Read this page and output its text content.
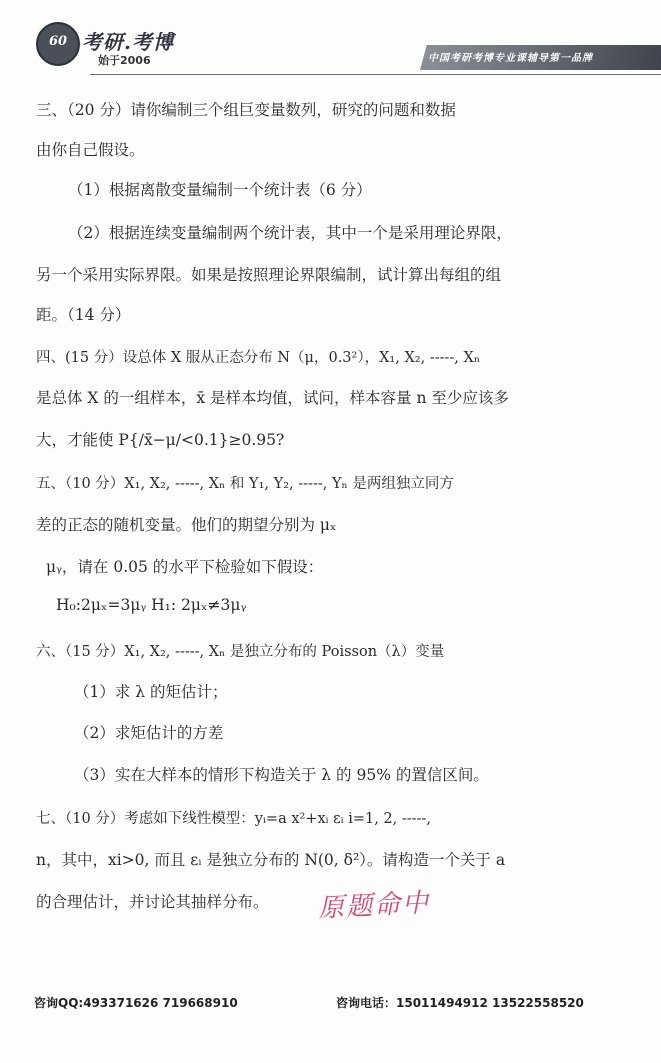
60 考研.考博
始于2006	中国考研考博专业课辅导第一品牌
三、（20 分）请你编制三个组巨变量数列，研究的问题和数据
由你自己假设。
（1）根据离散变量编制一个统计表（6 分）
（2）根据连续变量编制两个统计表，其中一个是采用理论界限，
另一个采用实际界限。如果是按照理论界限编制，试计算出每组的组
距。（14 分）
四、(15 分）设总体 X 服从正态分布 N（μ，0.3²），X₁, X₂, -----, Xₙ
是总体 X 的一组样本，x̄ 是样本均值，试问，样本容量 n 至少应该多
大，才能使 P{/x̄−μ/<0.1}≥0.95?
五、（10 分）X₁, X₂, -----, Xₙ 和 Y₁, Y₂, -----, Yₙ 是两组独立同方
差的正态的随机变量。他们的期望分别为 μₓ
μᵧ，请在 0.05 的水平下检验如下假设：
H₀:2μₓ=3μᵧ H₁: 2μₓ≠3μᵧ
六、（15 分）X₁, X₂, -----, Xₙ 是独立分布的 Poisson（λ）变量
（1）求 λ 的矩估计；
（2）求矩估计的方差
（3）实在大样本的情形下构造关于 λ 的 95% 的置信区间。
七、（10 分）考虑如下线性模型：yᵢ=a x²+xᵢ εᵢ i=1, 2, -----,
n，其中，xi>0, 而且 εᵢ 是独立分布的 N(0, δ²）。请构造一个关于 a
的合理估计，并讨论其抽样分布。 原题命中
咨询QQ:493371626 719668910	咨询电话：15011494912 13522558520
